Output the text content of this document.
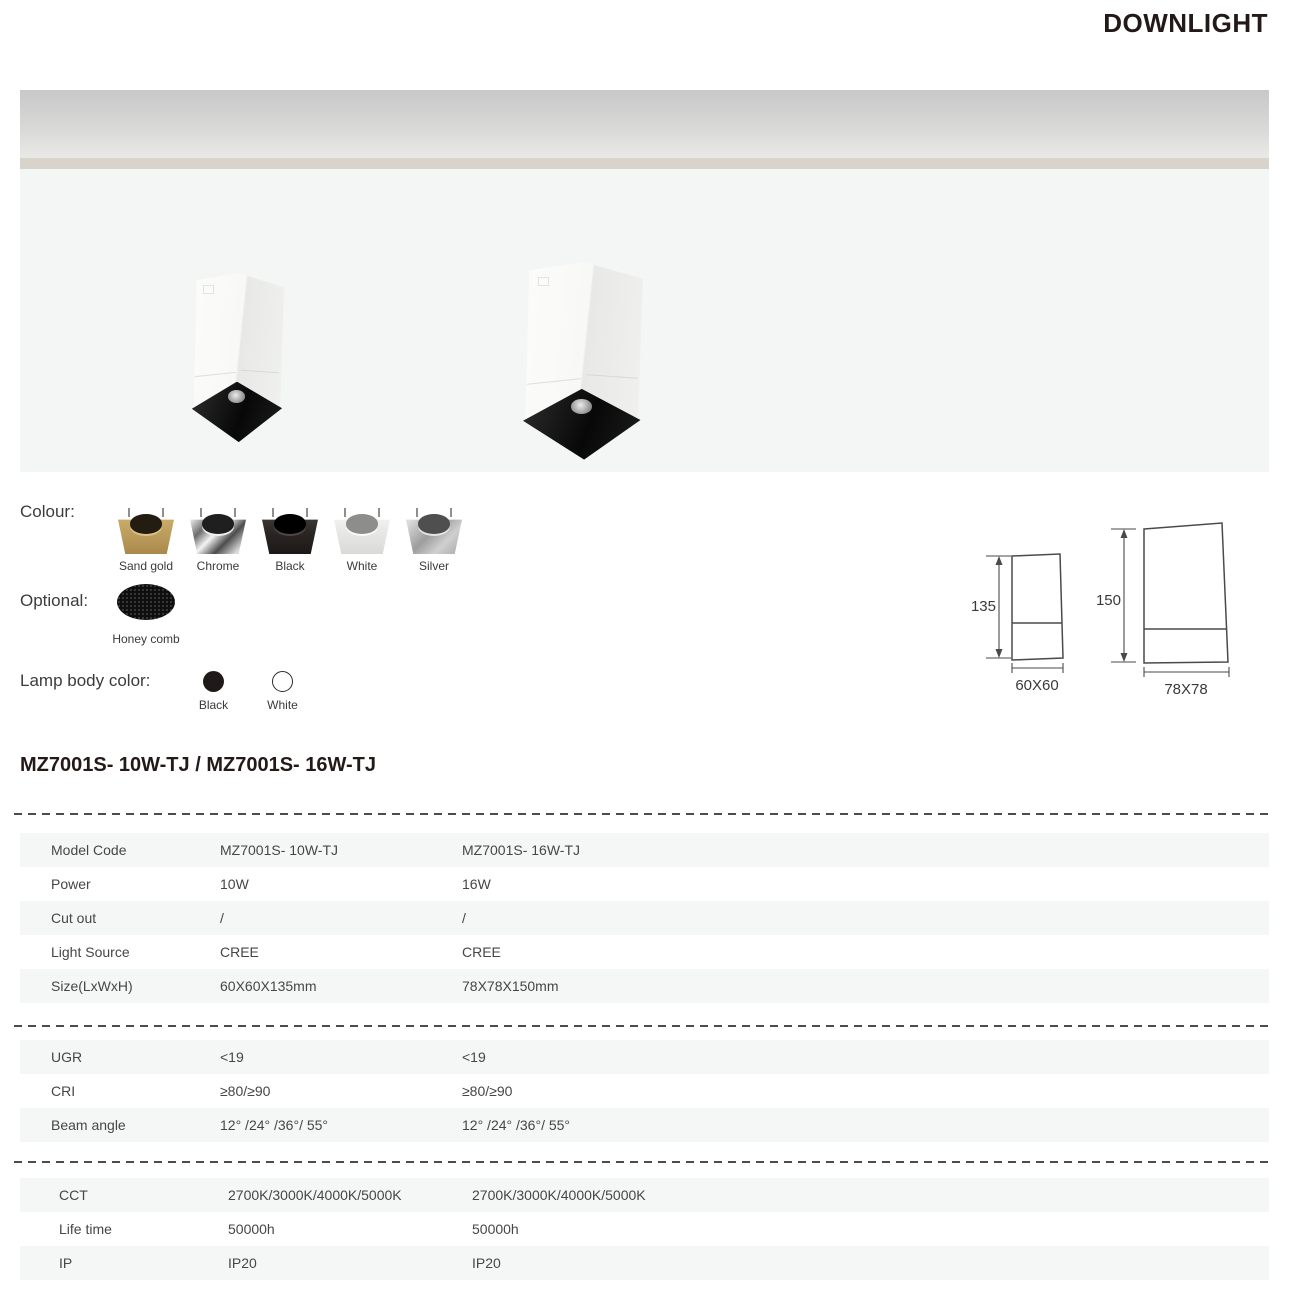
DOWNLIGHT
Colour:
Sand gold Chrome	Black	White	Silver
Optional:
Honey comb
Lamp body color:
Black	White
135
60X60
150
78X78
MZ7001S- 10W-TJ / MZ7001S- 16W-TJ
Model Code	MZ7001S- 10W-TJ	MZ7001S- 16W-TJ
Power	10W	16W
Cut out	/	/
Light Source	CREE	CREE
Size(LxWxH)	60X60X135mm	78X78X150mm
UGR	<19	<19
CRI	≥80/≥90	≥80/≥90
Beam angle	12° /24° /36°/ 55°	12° /24° /36°/ 55°
CCT	2700K/3000K/4000K/5000K	2700K/3000K/4000K/5000K
Life time	50000h	50000h
IP	IP20	IP20
